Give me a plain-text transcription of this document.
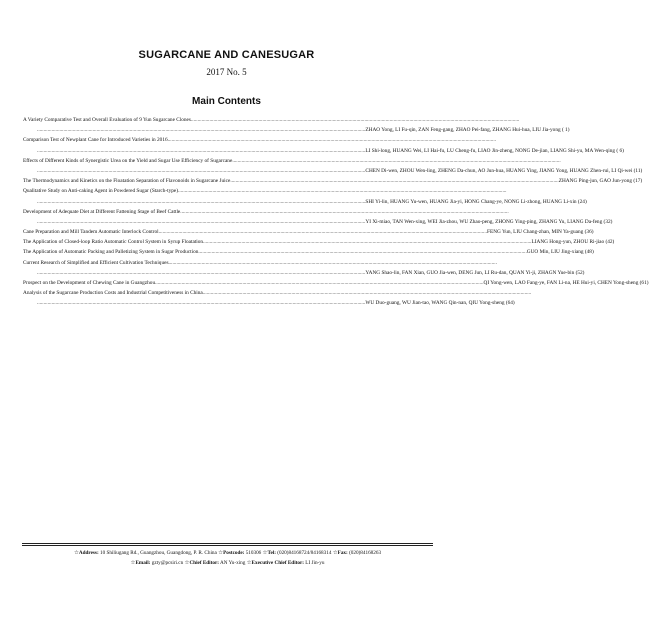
SUGARCANE AND CANESUGAR
2017 No. 5
Main Contents
A Variety Comparative Test and Overall Evaluation of 9 Yun Sugarcane Clones
.....
.....
ZHAO Yong, LI Fu-qin, ZAN Feng-gang, ZHAO Pei-fang, ZHANG Hui-hua, LIU Jia-yong ( 1)
Comparison Test of Newplant Cane for Introduced Varieties in 2016
.....
.....
LI Shi-long, HUANG Wei, LI Hai-fu, LU Cheng-fu, LIAO Jin-zheng, NONG De-jian, LIANG Shi-yu, MA Wen-qing ( 6)
Effects of Different Kinds of Synergistic Urea on the Yield and Sugar Use Efficiency of Sugarcane
.....
.....
CHEN Di-wen, ZHOU Wen-ling, ZHENG Da-chun, AO Jun-hua, HUANG Ying, JIANG Yong, HUANG Zhen-rui, LI Qi-wei (11)
The Thermodynamics and Kinetics on the Floatation Separation of Flavonoids in Sugarcane Juice .....	ZHANG Ping-jun, GAO Jun-yong (17)
Qualitative Study on Anti-caking Agent in Powdered Sugar (Starch-type)
.....
.....
SHI Yi-lin, HUANG Yu-wen, HUANG Jia-yi, HONG Chang-ye, NONG Li-zhong, HUANG Li-xin (24)
Development of Adequate Diet at Different Fattening Stage of Beef Cattle
.....
.....
YI Xi-miao, TAN Wen-xing, WEI Jia-zhou, WU Zhao-peng, ZHONG Ying-ping, ZHANG Yu, LIANG Da-feng (32)
Cane Preparation and Mill Tandem Automatic Interlock Control .....	FENG Yun, LIU Chang-zhan, MIN Ya-guang (36)
The Application of Closed-loop Ratio Automatic Control System in Syrup Floatation .....	LIANG Hong-yun, ZHOU Ri-jiao (42)
The Application of Automatic Packing and Palletizing System in Sugar Production .....	GUO Min, LIU Jing-xiang (48)
Current Research of Simplified and Efficient Cultivation Techniques
.....
.....
YANG Shao-lin, FAN Xian, GUO Jia-wen, DENG Jun, LI Ru-dan, QUAN Yi-ji, ZHAGN Yue-bin (52)
Prospect on the Development of Chewing Cane in Guangzhou .....	QI Yong-wen, LAO Fang-ye, FAN Li-na, HE Hui-yi, CHEN Yong-sheng (61)
Analysis of the Sugarcane Production Costs and Industrial Competitiveness in China
.....
.....
WU Duo-guang, WU Jian-tao, WANG Qin-nan, QIU Yong-sheng (64)
☆Address: 10 Shiliugang Rd., Guangzhou, Guangdong, P. R. China ☆Postcode: 510306 ☆Tel: (020)84168724/84168314 ☆Fax: (020)84168263
☆Email: gzty@pcsiri.cn ☆Chief Editor: AN Yu-xing ☆Executive Chief Editor: LI Jin-yu
